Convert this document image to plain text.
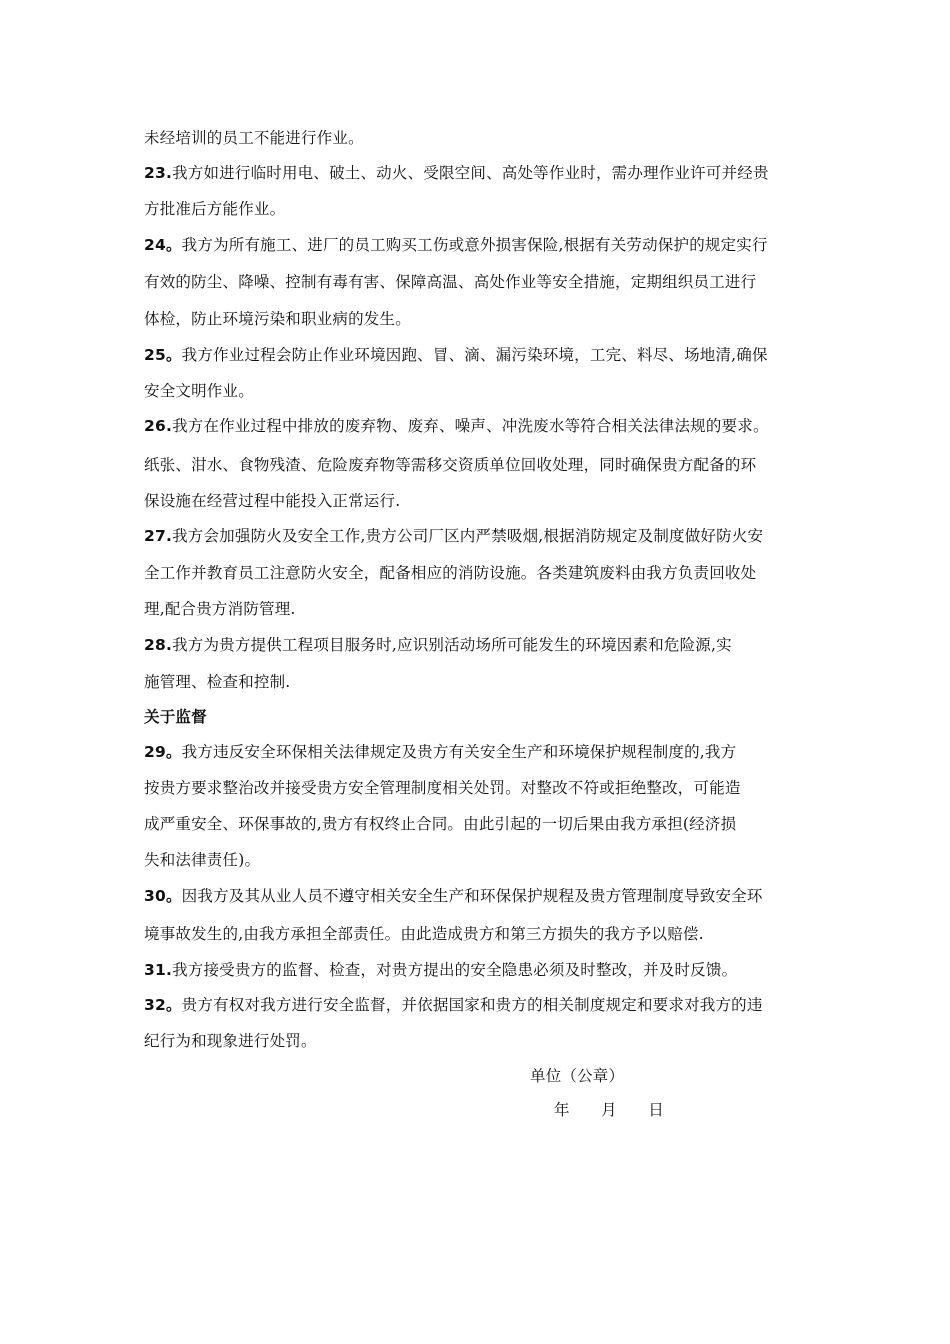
未经培训的员工不能进行作业。
23.我方如进行临时用电、破土、动火、受限空间、高处等作业时，需办理作业许可并经贵
方批准后方能作业。
24。我方为所有施工、进厂的员工购买工伤或意外损害保险,根据有关劳动保护的规定实行
有效的防尘、降噪、控制有毒有害、保障高温、高处作业等安全措施，定期组织员工进行
体检，防止环境污染和职业病的发生。
25。我方作业过程会防止作业环境因跑、冒、滴、漏污染环境，工完、料尽、场地清,确保
安全文明作业。
26.我方在作业过程中排放的废弃物、废弃、噪声、冲洗废水等符合相关法律法规的要求。
纸张、泔水、食物残渣、危险废弃物等需移交资质单位回收处理，同时确保贵方配备的环
保设施在经营过程中能投入正常运行.
27.我方会加强防火及安全工作,贵方公司厂区内严禁吸烟,根据消防规定及制度做好防火安
全工作并教育员工注意防火安全，配备相应的消防设施。各类建筑废料由我方负责回收处
理,配合贵方消防管理.
28.我方为贵方提供工程项目服务时,应识别活动场所可能发生的环境因素和危险源,实
施管理、检查和控制.
关于监督
29。我方违反安全环保相关法律规定及贵方有关安全生产和环境保护规程制度的,我方
按贵方要求整治改并接受贵方安全管理制度相关处罚。对整改不符或拒绝整改，可能造
成严重安全、环保事故的,贵方有权终止合同。由此引起的一切后果由我方承担(经济损
失和法律责任)。
30。因我方及其从业人员不遵守相关安全生产和环保保护规程及贵方管理制度导致安全环
境事故发生的,由我方承担全部责任。由此造成贵方和第三方损失的我方予以赔偿.
31.我方接受贵方的监督、检查，对贵方提出的安全隐患必须及时整改，并及时反馈。
32。贵方有权对我方进行安全监督，并依据国家和贵方的相关制度规定和要求对我方的违
纪行为和现象进行处罚。
单位（公章）
年　　月　　日
